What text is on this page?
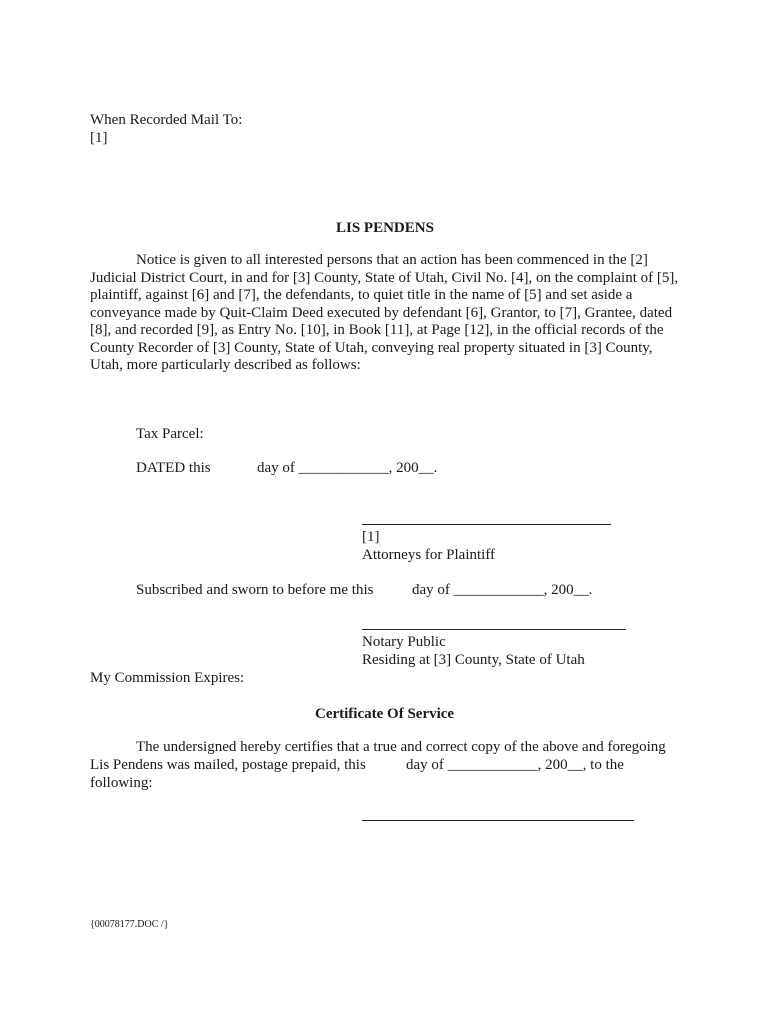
When Recorded Mail To:
[1]
LIS PENDENS
Notice is given to all interested persons that an action has been commenced in the [2] Judicial District Court, in and for [3] County, State of Utah, Civil No. [4], on the complaint of [5], plaintiff, against [6] and [7], the defendants, to quiet title in the name of [5] and set aside a conveyance made by Quit-Claim Deed executed by defendant [6], Grantor, to [7], Grantee, dated [8], and recorded [9], as Entry No. [10], in Book [11], at Page [12], in the official records of the County Recorder of [3] County, State of Utah, conveying real property situated in [3] County, Utah, more particularly described as follows:
Tax Parcel:
DATED this	day of ____________, 200__.
[1]
Attorneys for Plaintiff
Subscribed and sworn to before me this	day of ____________, 200__.
Notary Public
Residing at [3] County, State of Utah
My Commission Expires:
Certificate Of Service
The undersigned hereby certifies that a true and correct copy of the above and foregoing
Lis Pendens was mailed, postage prepaid, this	day of ____________, 200__, to the
following:
{00078177.DOC /}
